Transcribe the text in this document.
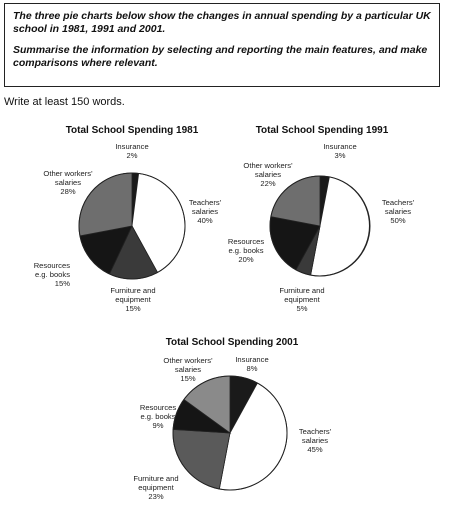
The three pie charts below show the changes in annual spending by a particular UK school in 1981, 1991 and 2001.

Summarise the information by selecting and reporting the main features, and make comparisons where relevant.

Write at least 150 words.
Total School Spending 1981
Insurance 2%
Teachers' salaries 40%
Furniture and equipment 15%
Resources e.g. books 15%
Other workers' salaries 28%
Total School Spending 1991
Insurance 3%
Teachers' salaries 50%
Furniture and equipment 5%
Resources e.g. books 20%
Other workers' salaries 22%
Total School Spending 2001
Insurance 8%
Teachers' salaries 45%
Furniture and equipment 23%
Resources e.g. books 9%
Other workers' salaries 15%
